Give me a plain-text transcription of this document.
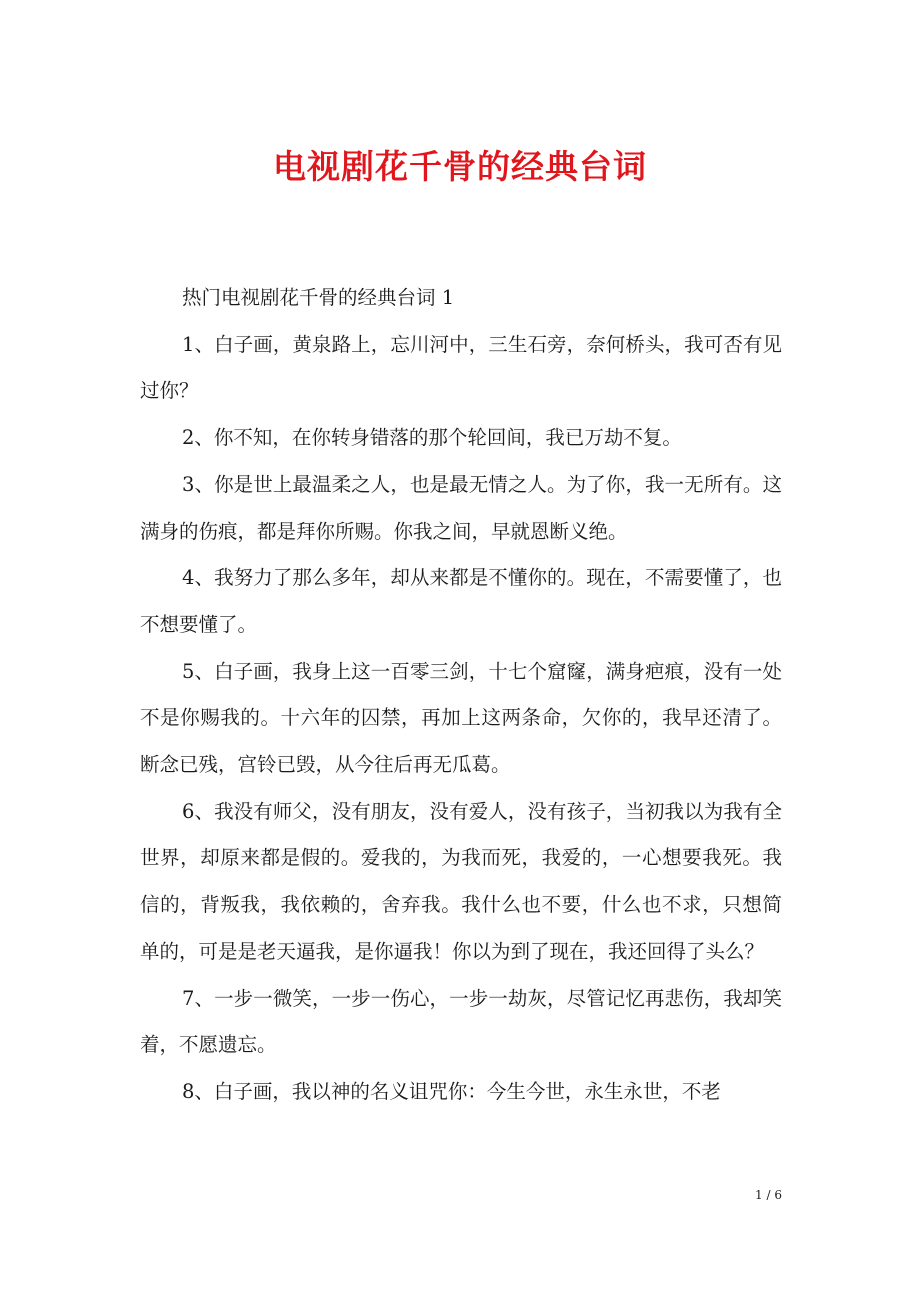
电视剧花千骨的经典台词

热门电视剧花千骨的经典台词 1

1、白子画，黄泉路上，忘川河中，三生石旁，奈何桥头，我可否有见过你？

2、你不知，在你转身错落的那个轮回间，我已万劫不复。

3、你是世上最温柔之人，也是最无情之人。为了你，我一无所有。这满身的伤痕，都是拜你所赐。你我之间，早就恩断义绝。

4、我努力了那么多年，却从来都是不懂你的。现在，不需要懂了，也不想要懂了。

5、白子画，我身上这一百零三剑，十七个窟窿，满身疤痕，没有一处不是你赐我的。十六年的囚禁，再加上这两条命，欠你的，我早还清了。断念已残，宫铃已毁，从今往后再无瓜葛。

6、我没有师父，没有朋友，没有爱人，没有孩子，当初我以为我有全世界，却原来都是假的。爱我的，为我而死，我爱的，一心想要我死。我信的，背叛我，我依赖的，舍弃我。我什么也不要，什么也不求，只想简单的，可是是老天逼我，是你逼我！你以为到了现在，我还回得了头么？

7、一步一微笑，一步一伤心，一步一劫灰，尽管记忆再悲伤，我却笑着，不愿遗忘。

8、白子画，我以神的名义诅咒你：今生今世，永生永世，不老

1 / 6
